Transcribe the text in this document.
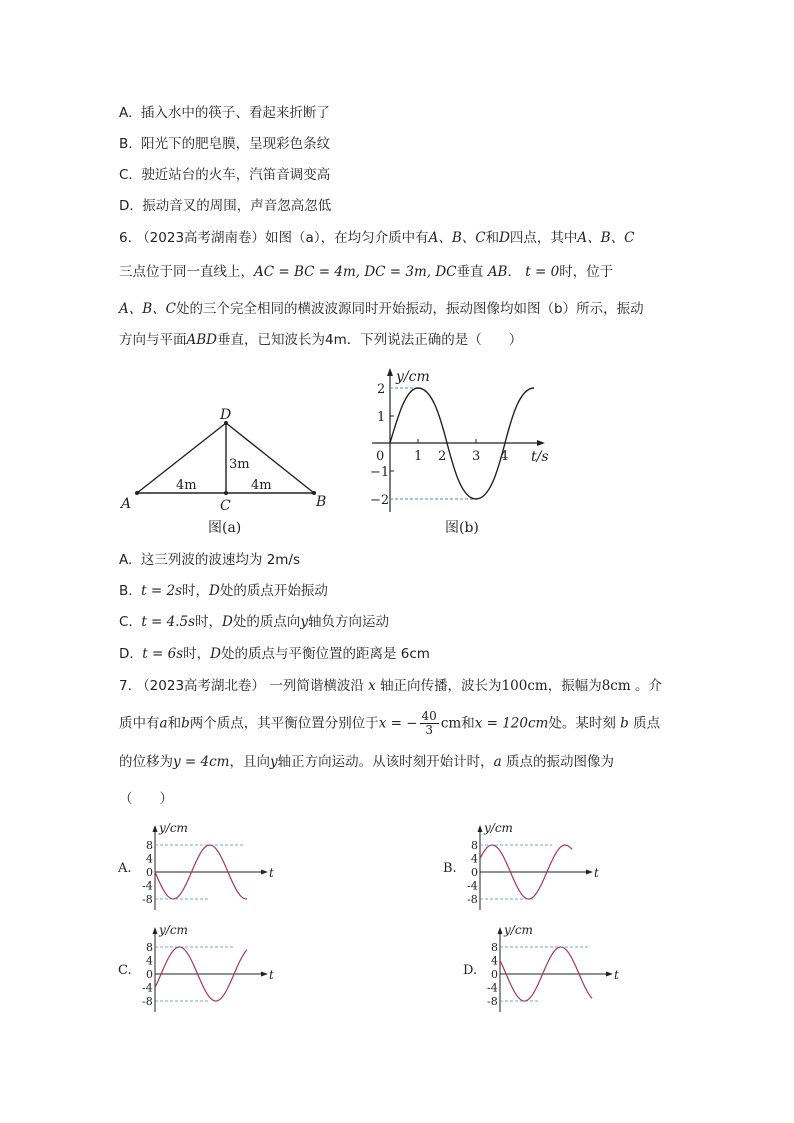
A. 插入水中的筷子、看起来折断了
B. 阳光下的肥皂膜，呈现彩色条纹
C. 驶近站台的火车，汽笛音调变高
D. 振动音叉的周围，声音忽高忽低
6. （2023高考湖南卷）如图（a），在均匀介质中有A、B、C和D四点，其中A、B、C
三点位于同一直线上，AC = BC = 4m, DC = 3m, DC垂直 AB． t = 0时，位于
A、B、C处的三个完全相同的横波波源同时开始振动，振动图像均如图（b）所示，振动
方向与平面ABD垂直，已知波长为4m．下列说法正确的是（　　）
D
A	B
C
4m	4m
3m
图(a)
y/cm
t/s
0
2
1
−1
−2
1 2 3 4
图(b)
A. 这三列波的波速均为 2m/s
B. t = 2s时，D处的质点开始振动
C. t = 4.5s时，D处的质点向y轴负方向运动
D. t = 6s时，D处的质点与平衡位置的距离是 6cm
7. （2023高考湖北卷） 一列简谐横波沿 x 轴正向传播，波长为100cm，振幅为8cm 。介
质中有a和b两个质点，其平衡位置分别位于x = − $\frac{40}{3}$ cm和x = 120cm处。某时刻 b 质点
的位移为y = 4cm，且向y轴正方向运动。从该时刻开始计时，a 质点的振动图像为
（　　）
A.
y/cm
t
8
4
0
-4
-8
B.
y/cm
t
8
4
0
-4
-8
C.
y/cm
t
8
4
0
-4
-8
D.
y/cm
t
8
4
0
-4
-8
